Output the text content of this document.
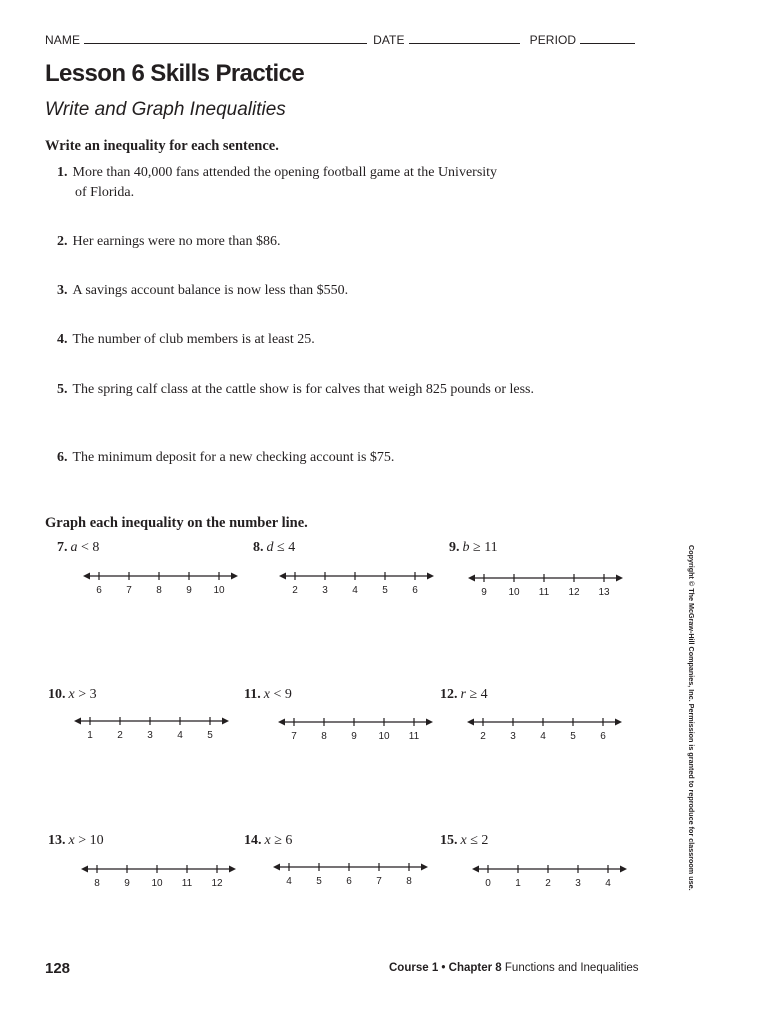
NAME	DATE	PERIOD
Lesson 6 Skills Practice
Write and Graph Inequalities
Write an inequality for each sentence.
1. More than 40,000 fans attended the opening football game at the University
of Florida.
2. Her earnings were no more than $86.
3. A savings account balance is now less than $550.
4. The number of club members is at least 25.
5. The spring calf class at the cattle show is for calves that weigh 825 pounds or less.
6. The minimum deposit for a new checking account is $75.
Graph each inequality on the number line.
7. a < 8
6 7 8 9 10
8. d ≤ 4
2 3 4 5 6
9. b ≥ 11
9 10 11 12 13
10. x > 3
1 2 3 4 5
11. x < 9
7 8 9 10 11
12. r ≥ 4
2 3 4 5 6
13. x > 10
8 9 10 11 12
14. x ≥ 6
4 5 6 7 8
15. x ≤ 2
0 1 2 3 4	Copyright © The McGraw-Hill Companies, Inc. Permission is granted to reproduce for classroom use.
128	Course 1 • Chapter 8 Functions and Inequalities
